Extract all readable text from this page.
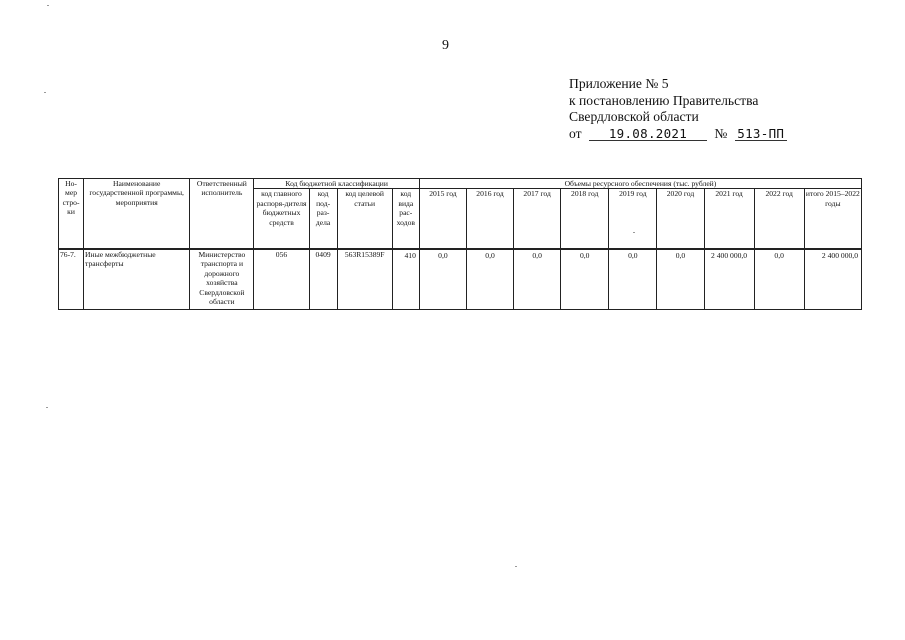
9
Приложение № 5
к постановлению Правительства
Свердловской области
от 19.08.2021 № 513-ПП
Но-мер стро-ки	Наименование государственной программы, мероприятия	Ответственный исполнитель	Код бюджетной классификации				Объемы ресурсного обеспечения (тыс. рублей)								
			код главного распоря-дителя бюджетных средств	код под-раз-дела	код целевой статьи	код вида рас-ходов	2015 год	2016 год	2017 год	2018 год	2019 год	2020 год	2021 год	2022 год	итого 2015–2022 годы
76-7.	Иные межбюджетные трансферты	Министерство транспорта и дорожного хозяйства Свердловской области	056	0409	563R15389F	410	0,0	0,0	0,0	0,0	0,0	0,0	2 400 000,0	0,0	2 400 000,0
